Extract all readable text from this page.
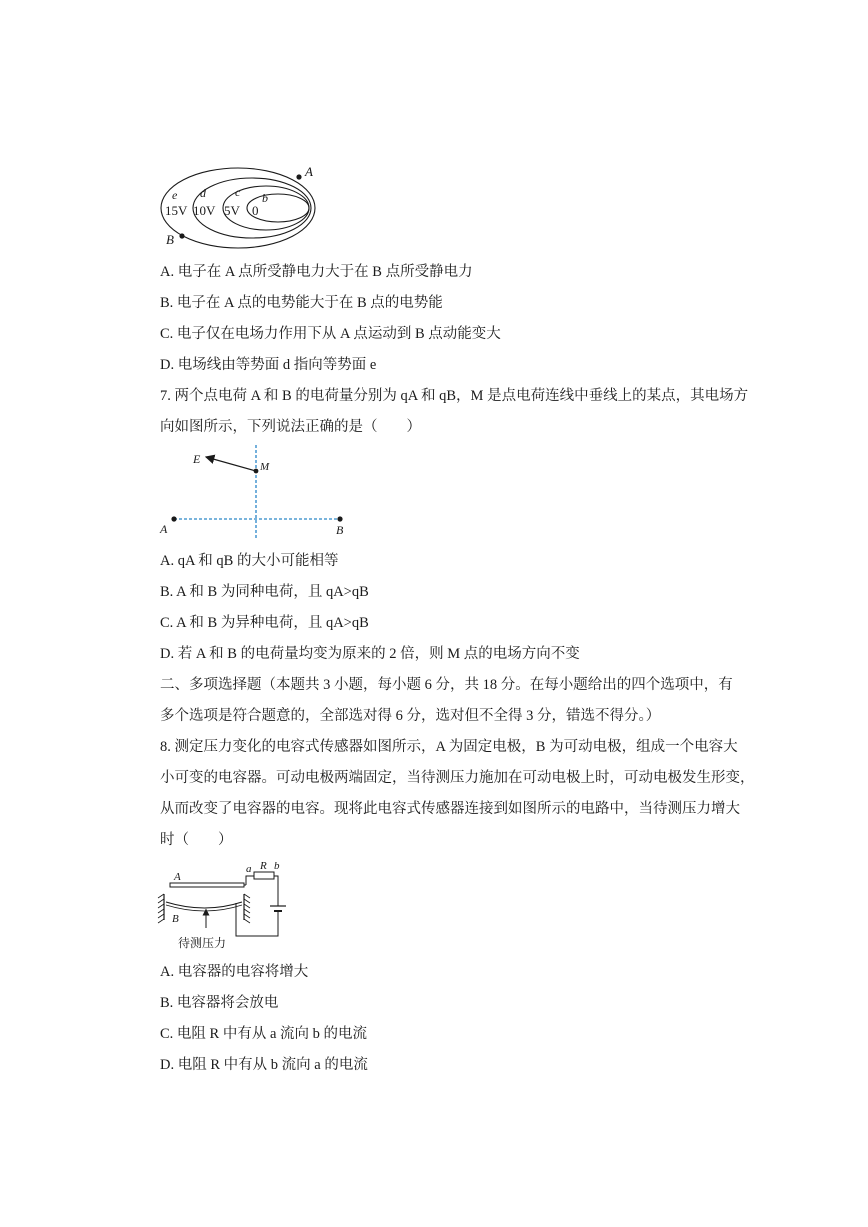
A
B
e d c b
15V 10V 5V 0
A. 电子在 A 点所受静电力大于在 B 点所受静电力
B. 电子在 A 点的电势能大于在 B 点的电势能
C. 电子仅在电场力作用下从 A 点运动到 B 点动能变大
D. 电场线由等势面 d 指向等势面 e
7. 两个点电荷 A 和 B 的电荷量分别为 qA 和 qB，M 是点电荷连线中垂线上的某点，其电场方
向如图所示，下列说法正确的是（　　）
E
M
A	B
A. qA 和 qB 的大小可能相等
B. A 和 B 为同种电荷，且 qA>qB
C. A 和 B 为异种电荷，且 qA>qB
D. 若 A 和 B 的电荷量均变为原来的 2 倍，则 M 点的电场方向不变
二、多项选择题（本题共 3 小题，每小题 6 分，共 18 分。在每小题给出的四个选项中，有
多个选项是符合题意的，全部选对得 6 分，选对但不全得 3 分，错选不得分。）
8. 测定压力变化的电容式传感器如图所示，A 为固定电极，B 为可动电极，组成一个电容大
小可变的电容器。可动电极两端固定，当待测压力施加在可动电极上时，可动电极发生形变，
从而改变了电容器的电容。现将此电容式传感器连接到如图所示的电路中，当待测压力增大
时（　　）
A
B
a R b
待测压力
A. 电容器的电容将增大
B. 电容器将会放电
C. 电阻 R 中有从 a 流向 b 的电流
D. 电阻 R 中有从 b 流向 a 的电流
